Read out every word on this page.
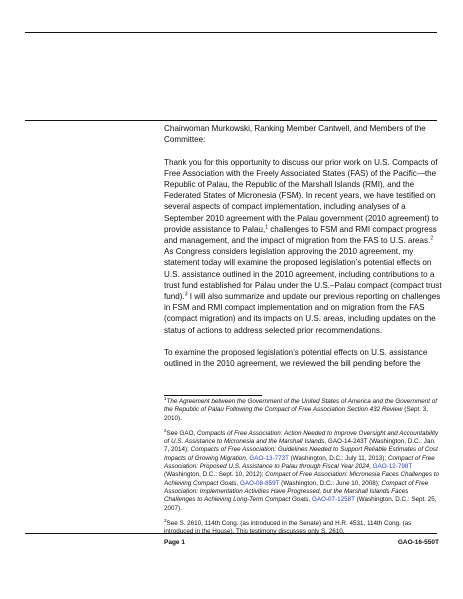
Chairwoman Murkowski, Ranking Member Cantwell, and Members of the Committee:

Thank you for this opportunity to discuss our prior work on U.S. Compacts of Free Association with the Freely Associated States (FAS) of the Pacific—the Republic of Palau, the Republic of the Marshall Islands (RMI), and the Federated States of Micronesia (FSM). In recent years, we have testified on several aspects of compact implementation, including analyses of a September 2010 agreement with the Palau government (2010 agreement) to provide assistance to Palau,$^1$ challenges to FSM and RMI compact progress and management, and the impact of migration from the FAS to U.S. areas.$^2$ As Congress considers legislation approving the 2010 agreement, my statement today will examine the proposed legislation’s potential effects on U.S. assistance outlined in the 2010 agreement, including contributions to a trust fund established for Palau under the U.S.–Palau compact (compact trust fund).$^3$ I will also summarize and update our previous reporting on challenges in FSM and RMI compact implementation and on migration from the FAS (compact migration) and its impacts on U.S. areas, including updates on the status of actions to address selected prior recommendations.

To examine the proposed legislation’s potential effects on U.S. assistance outlined in the 2010 agreement, we reviewed the bill pending before the

$^1$The Agreement between the Government of the United States of America and the Government of the Republic of Palau Following the Compact of Free Association Section 432 Review (Sept. 3, 2010).
$^2$See GAO, Compacts of Free Association: Action Needed to Improve Oversight and Accountability of U.S. Assistance to Micronesia and the Marshall Islands, GAO-14-243T (Washington, D.C.: Jan. 7, 2014); Compacts of Free Association: Guidelines Needed to Support Reliable Estimates of Cost Impacts of Growing Migration, GAO-13-773T (Washington, D.C.: July 11, 2013); Compact of Free Association: Proposed U.S. Assistance to Palau through Fiscal Year 2024, GAO-12-798T (Washington, D.C.: Sept. 10, 2012); Compact of Free Association: Micronesia Faces Challenges to Achieving Compact Goals, GAO-08-859T (Washington, D.C.: June 10, 2008); Compact of Free Association: Implementation Activities Have Progressed, but the Marshall Islands Faces Challenges to Achieving Long-Term Compact Goals, GAO-07-1258T (Washington, D.C.: Sept. 25, 2007).
$^3$See S. 2610, 114th Cong. (as introduced in the Senate) and H.R. 4531, 114th Cong. (as introduced in the House). This testimony discusses only S. 2610.
Page 1	GAO-16-550T
